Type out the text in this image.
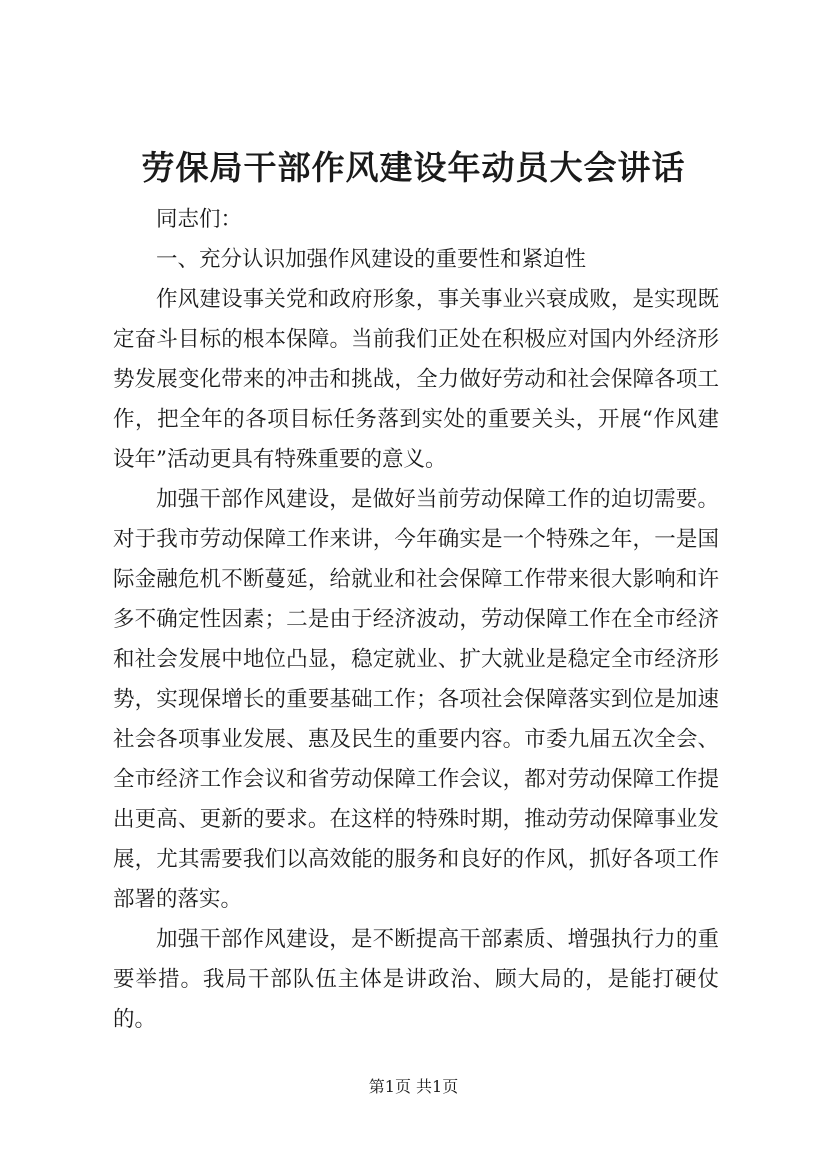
劳保局干部作风建设年动员大会讲话

同志们：

一、充分认识加强作风建设的重要性和紧迫性

作风建设事关党和政府形象，事关事业兴衰成败，是实现既定奋斗目标的根本保障。当前我们正处在积极应对国内外经济形势发展变化带来的冲击和挑战，全力做好劳动和社会保障各项工作，把全年的各项目标任务落到实处的重要关头，开展“作风建设年”活动更具有特殊重要的意义。

加强干部作风建设，是做好当前劳动保障工作的迫切需要。对于我市劳动保障工作来讲，今年确实是一个特殊之年，一是国际金融危机不断蔓延，给就业和社会保障工作带来很大影响和许多不确定性因素；二是由于经济波动，劳动保障工作在全市经济和社会发展中地位凸显，稳定就业、扩大就业是稳定全市经济形势，实现保增长的重要基础工作；各项社会保障落实到位是加速社会各项事业发展、惠及民生的重要内容。市委九届五次全会、全市经济工作会议和省劳动保障工作会议，都对劳动保障工作提出更高、更新的要求。在这样的特殊时期，推动劳动保障事业发展，尤其需要我们以高效能的服务和良好的作风，抓好各项工作部署的落实。

加强干部作风建设，是不断提高干部素质、增强执行力的重要举措。我局干部队伍主体是讲政治、顾大局的，是能打硬仗的。

第1页 共1页
